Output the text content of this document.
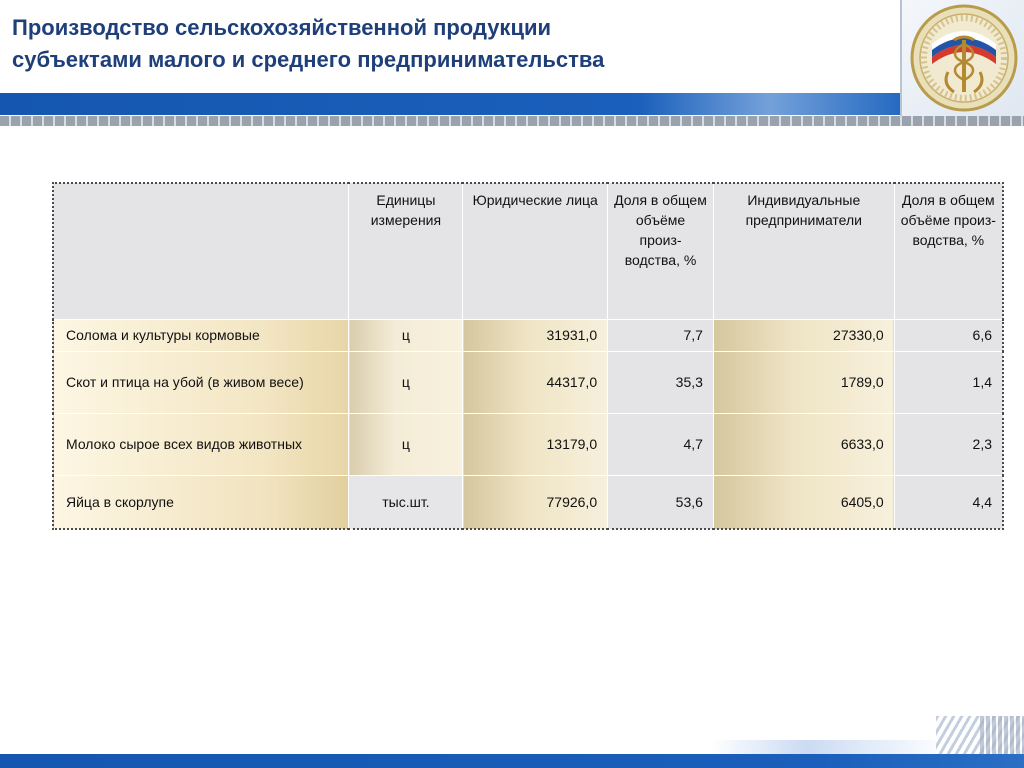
Производство сельскохозяйственной продукции
субъектами малого и среднего предпринимательства
	Единицы измерения	Юридические лица	Доля в общем объёме произ-водства, %	Индивидуальные предприниматели	Доля в общем объёме произ-водства, %
Солома и культуры кормовые	ц	31931,0	7,7	27330,0	6,6
Скот и птица на убой (в живом весе)	ц	44317,0	35,3	1789,0	1,4
Молоко сырое всех видов животных	ц	13179,0	4,7	6633,0	2,3
Яйца в скорлупе	тыс.шт.	77926,0	53,6	6405,0	4,4
